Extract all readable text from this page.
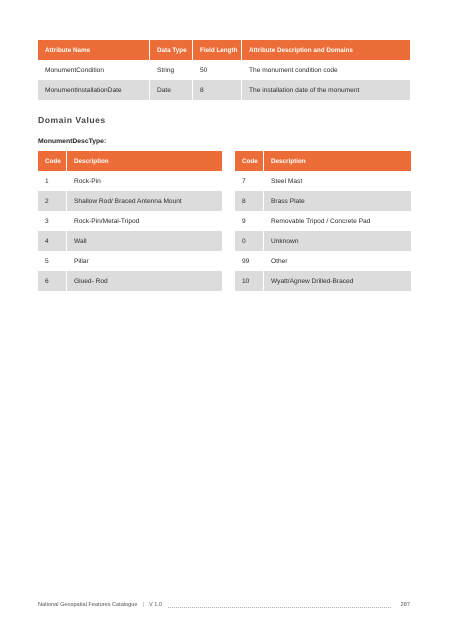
Attribute Name	Data Type	Field Length	Attribute Description and Domains
MonumentCondition	String	50	The monument condition code
MonumentInstallationDate	Date	8	The installation date of the monument
Domain Values
MonumentDescType:
Code	Description
1	Rock-Pin
2	Shallow Rod/ Braced Antenna Mount
3	Rock-Pin/Metal-Tripod
4	Wall
5	Pillar
6	Glued- Rod
Code	Description
7	Steel Mast
8	Brass Plate
9	Removable Tripod / Concrete Pad
0	Unknown
99	Other
10	Wyatt/Agnew Drilled-Braced
National Geospatial Features Catalogue | V 1.0	287
